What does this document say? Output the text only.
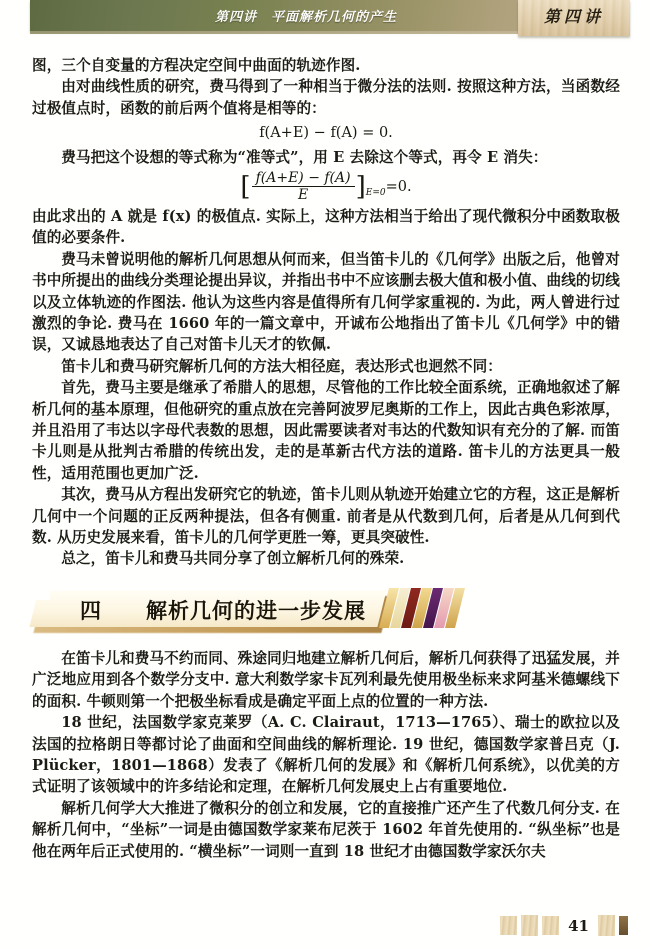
第四讲　平面解析几何的产生	第四讲

图，三个自变量的方程决定空间中曲面的轨迹作图.

由对曲线性质的研究，费马得到了一种相当于微分法的法则. 按照这种方法，当函数经过极值点时，函数的前后两个值将是相等的：

f(A+E) − f(A) = 0.

费马把这个设想的等式称为“准等式”，用 E 去除这个等式，再令 E 消失：

[ $\frac{f(A+E) - f(A)}{E} ]_{E=0}=0$.

由此求出的 A 就是 f(x) 的极值点. 实际上，这种方法相当于给出了现代微积分中函数取极值的必要条件.

费马未曾说明他的解析几何思想从何而来，但当笛卡儿的《几何学》出版之后，他曾对书中所提出的曲线分类理论提出异议，并指出书中不应该删去极大值和极小值、曲线的切线以及立体轨迹的作图法. 他认为这些内容是值得所有几何学家重视的. 为此，两人曾进行过激烈的争论. 费马在 1660 年的一篇文章中，开诚布公地指出了笛卡儿《几何学》中的错误，又诚恳地表达了自己对笛卡儿天才的钦佩.

笛卡儿和费马研究解析几何的方法大相径庭，表达形式也迥然不同：

首先，费马主要是继承了希腊人的思想，尽管他的工作比较全面系统，正确地叙述了解析几何的基本原理，但他研究的重点放在完善阿波罗尼奥斯的工作上，因此古典色彩浓厚，并且沿用了韦达以字母代表数的思想，因此需要读者对韦达的代数知识有充分的了解. 而笛卡儿则是从批判古希腊的传统出发，走的是革新古代方法的道路. 笛卡儿的方法更具一般性，适用范围也更加广泛.

其次，费马从方程出发研究它的轨迹，笛卡儿则从轨迹开始建立它的方程，这正是解析几何中一个问题的正反两种提法，但各有侧重. 前者是从代数到几何，后者是从几何到代数. 从历史发展来看，笛卡儿的几何学更胜一筹，更具突破性.

总之，笛卡儿和费马共同分享了创立解析几何的殊荣.

四　　解析几何的进一步发展

在笛卡儿和费马不约而同、殊途同归地建立解析几何后，解析几何获得了迅猛发展，并广泛地应用到各个数学分支中. 意大利数学家卡瓦列利最先使用极坐标来求阿基米德螺线下的面积. 牛顿则第一个把极坐标看成是确定平面上点的位置的一种方法.

18 世纪，法国数学家克莱罗（A. C. Clairaut，1713—1765）、瑞士的欧拉以及法国的拉格朗日等都讨论了曲面和空间曲线的解析理论. 19 世纪，德国数学家普吕克（J. Plücker，1801—1868）发表了《解析几何的发展》和《解析几何系统》，以优美的方式证明了该领域中的许多结论和定理，在解析几何发展史上占有重要地位.

解析几何学大大推进了微积分的创立和发展，它的直接推广还产生了代数几何分支. 在解析几何中，“坐标”一词是由德国数学家莱布尼茨于 1602 年首先使用的. “纵坐标”也是他在两年后正式使用的. “横坐标”一词则一直到 18 世纪才由德国数学家沃尔夫

41
